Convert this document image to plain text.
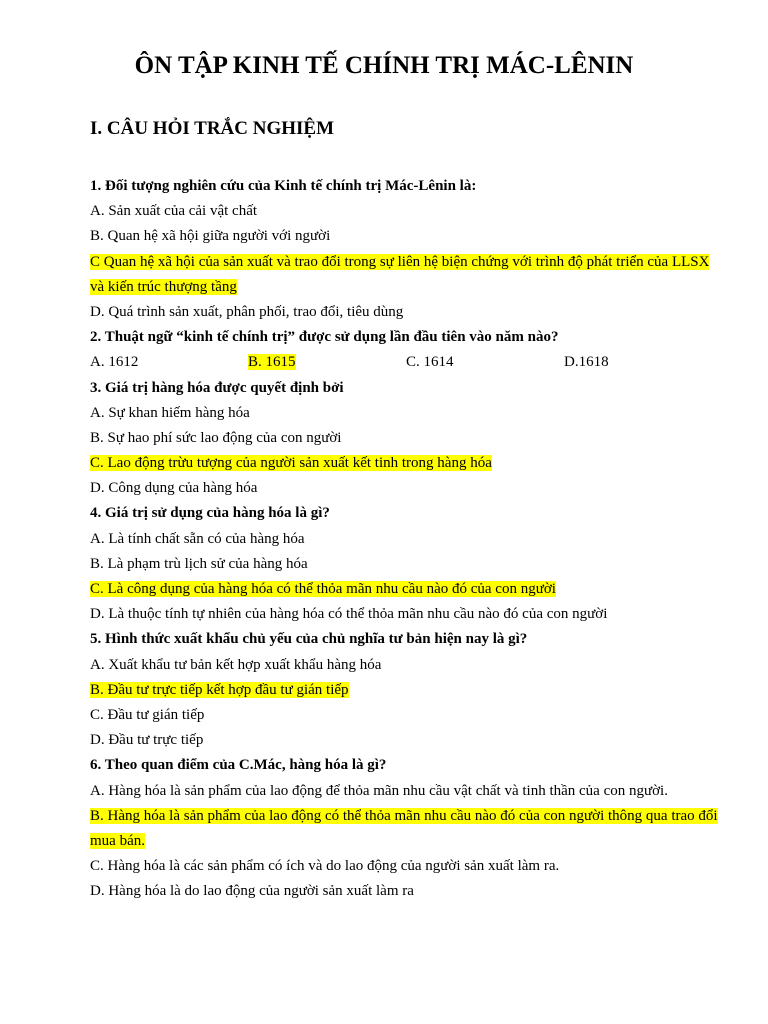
ÔN TẬP KINH TẾ CHÍNH TRỊ MÁC-LÊNIN
I. CÂU HỎI TRẮC NGHIỆM
1. Đối tượng nghiên cứu của Kinh tế chính trị Mác-Lênin là:
A. Sản xuất của cải vật chất
B. Quan hệ xã hội giữa người với người
C Quan hệ xã hội của sản xuất và trao đổi trong sự liên hệ biện chứng với trình độ phát triển của LLSX và kiến trúc thượng tầng
D. Quá trình sản xuất, phân phối, trao đổi, tiêu dùng
2. Thuật ngữ “kinh tế chính trị” được sử dụng lần đầu tiên vào năm nào?
A. 1612	B. 1615	C. 1614	D.1618
3. Giá trị hàng hóa được quyết định bởi
A. Sự khan hiếm hàng hóa
B. Sự hao phí sức lao động của con người
C. Lao động trừu tượng của người sản xuất kết tinh trong hàng hóa
D. Công dụng của hàng hóa
4. Giá trị sử dụng của hàng hóa là gì?
A. Là tính chất sẵn có của hàng hóa
B. Là phạm trù lịch sử của hàng hóa
C. Là công dụng của hàng hóa có thể thỏa mãn nhu cầu nào đó của con người
D. Là thuộc tính tự nhiên của hàng hóa có thể thỏa mãn nhu cầu nào đó của con người
5. Hình thức xuất khẩu chủ yếu của chủ nghĩa tư bản hiện nay là gì?
A. Xuất khẩu tư bản kết hợp xuất khẩu hàng hóa
B. Đầu tư trực tiếp kết hợp đầu tư gián tiếp
C. Đầu tư gián tiếp
D. Đầu tư trực tiếp
6. Theo quan điểm của C.Mác, hàng hóa là gì?
A. Hàng hóa là sản phẩm của lao động để thỏa mãn nhu cầu vật chất và tinh thần của con người.
B. Hàng hóa là sản phẩm của lao động có thể thỏa mãn nhu cầu nào đó của con người thông qua trao đổi mua bán.
C. Hàng hóa là các sản phẩm có ích và do lao động của người sản xuất làm ra.
D. Hàng hóa là do lao động của người sản xuất làm ra
